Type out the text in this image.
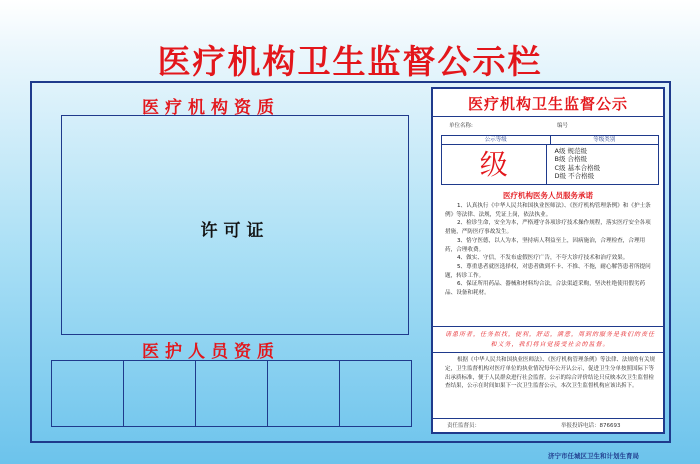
医疗机构卫生监督公示栏
医疗机构资质
许可证
医护人员资质
医疗机构卫生监督公示
单位名称:	编号
公示等级	等级类别
级	A级 规范级
B级 合格级
C级 基本合格级
D级 不合格级
医疗机构医务人员服务承诺

1、认真执行《中华人民共和国执业医师法》、《医疗机构管理条例》和《护士条例》等法律、法规，凭证上岗，依法执业。

2、检诊生命，安全为本，严格遵守各项诊疗技术操作规程，落实医疗安全各项措施，严防医疗事故发生。

3、恪守医德，以人为本，坚持病人利益至上，因病施治，合理检查，合理用药，合理收费。

4、做实、守信，不发布虚假医疗广告，不夸大诊疗技术和治疗效果。

5、尊重患者就医选择权，对患者做到不卡、不推、不拖，耐心解答患者所提问题，转诊工作。

6、保证所用药品、器械和材料均合法，合法渠道采购，坚决杜绝使用假劣药品、设备和耗材。

请患所者，任务拟找，便利，舒适，满意，周到的服务是我们的责任和义务，我们将自觉接受社会的监督。
根据《中华人民共和国执业医师法》、《医疗机构管理条例》等法律、法规的有关规定，卫生监督机构对医疗单位的执业情况每年公开认公示，促进卫生分单按照国际下等出承质标准，便于人民群众进行社会监督。公示的综合评价结论只反映本次卫生监督检查结果，公示在时间如果下一次卫生监督公示，本次卫生监督机构应该出拆下。
责任监督员：	举报投诉电话：876693
济宁市任城区卫生和计划生育局
